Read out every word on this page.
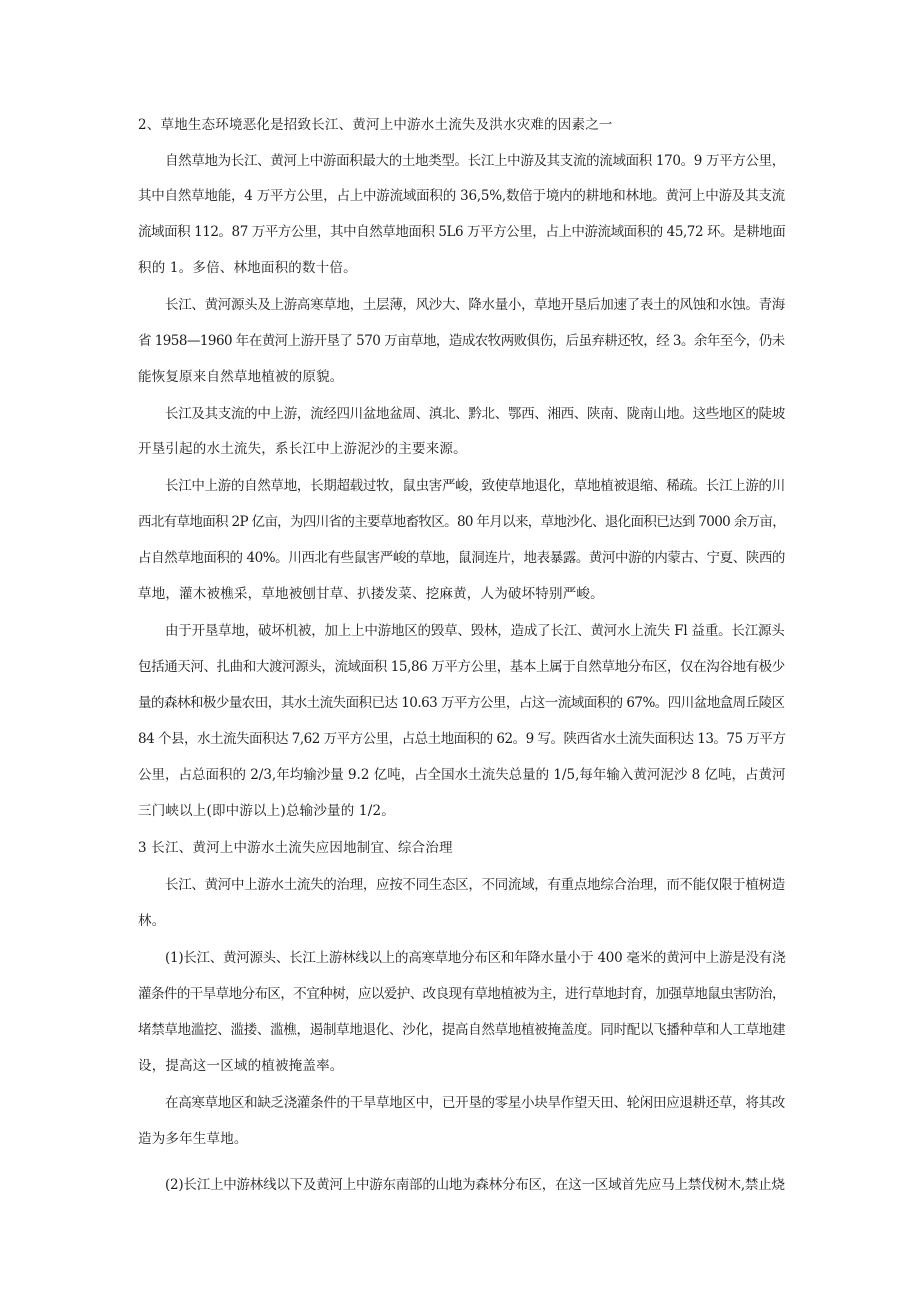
2、草地生态环境恶化是招致长江、黄河上中游水土流失及洪水灾难的因素之一
自然草地为长江、黄河上中游面积最大的土地类型。长江上中游及其支流的流域面积 170。9 万平方公里，
其中自然草地能，4 万平方公里，占上中游流域面积的 36,5%,数倍于境内的耕地和林地。黄河上中游及其支流
流域面积 112。87 万平方公里，其中自然草地面积 5L6 万平方公里，占上中游流域面积的 45,72 环。是耕地面
积的 1。多倍、林地面积的数十倍。
长江、黄河源头及上游高寒草地，土层薄，风沙大、降水量小，草地开垦后加速了表土的风蚀和水蚀。青海
省 1958—1960 年在黄河上游开垦了 570 万亩草地，造成农牧两败俱伤，后虽弃耕还牧，经 3。余年至今，仍未
能恢复原来自然草地植被的原貌。
长江及其支流的中上游，流经四川盆地盆周、滇北、黔北、鄂西、湘西、陕南、陇南山地。这些地区的陡坡
开垦引起的水土流失，系长江中上游泥沙的主要来源。
长江中上游的自然草地，长期超载过牧，鼠虫害严峻，致使草地退化，草地植被退缩、稀疏。长江上游的川
西北有草地面积 2P 亿亩，为四川省的主要草地畜牧区。80 年月以来，草地沙化、退化面积已达到 7000 余万亩，
占自然草地面积的 40%。川西北有些鼠害严峻的草地，鼠洞连片，地表暴露。黄河中游的内蒙古、宁夏、陕西的
草地，灌木被樵采，草地被刨甘草、扒搂发菜、挖麻黄，人为破坏特别严峻。
由于开垦草地，破坏机被，加上上中游地区的毁草、毁林，造成了长江、黄河水上流失 Fl 益重。长江源头
包括通天河、扎曲和大渡河源头，流域面积 15,86 万平方公里，基本上属于自然草地分布区，仅在沟谷地有极少
量的森林和极少量农田，其水土流失面积已达 10.63 万平方公里，占这一流域面积的 67%。四川盆地盒周丘陵区
84 个县，水土流失面积达 7,62 万平方公里，占总土地面积的 62。9 写。陕西省水土流失面积达 13。75 万平方
公里，占总面积的 2/3,年均输沙量 9.2 亿吨，占全国水土流失总量的 1/5,每年输入黄河泥沙 8 亿吨，占黄河
三门峡以上(即中游以上)总输沙量的 1/2。
3 长江、黄河上中游水土流失应因地制宜、综合治理
长江、黄河中上游水土流失的治理，应按不同生态区，不同流域，有重点地综合治理，而不能仅限于植树造
林。
(1)长江、黄河源头、长江上游林线以上的高寒草地分布区和年降水量小于 400 毫米的黄河中上游是没有浇
灌条件的干旱草地分布区，不宜种树，应以爱护、改良现有草地植被为主，进行草地封育，加强草地鼠虫害防治，
堵禁草地滥挖、滥搂、滥樵，遏制草地退化、沙化，提高自然草地植被掩盖度。同时配以飞播种草和人工草地建
设，提高这一区域的植被掩盖率。
在高寒草地区和缺乏浇灌条件的干旱草地区中，已开垦的零星小块旱作望天田、轮闲田应退耕还草，将其改
造为多年生草地。
(2)长江上中游林线以下及黄河上中游东南部的山地为森林分布区，在这一区域首先应马上禁伐树木,禁止烧
